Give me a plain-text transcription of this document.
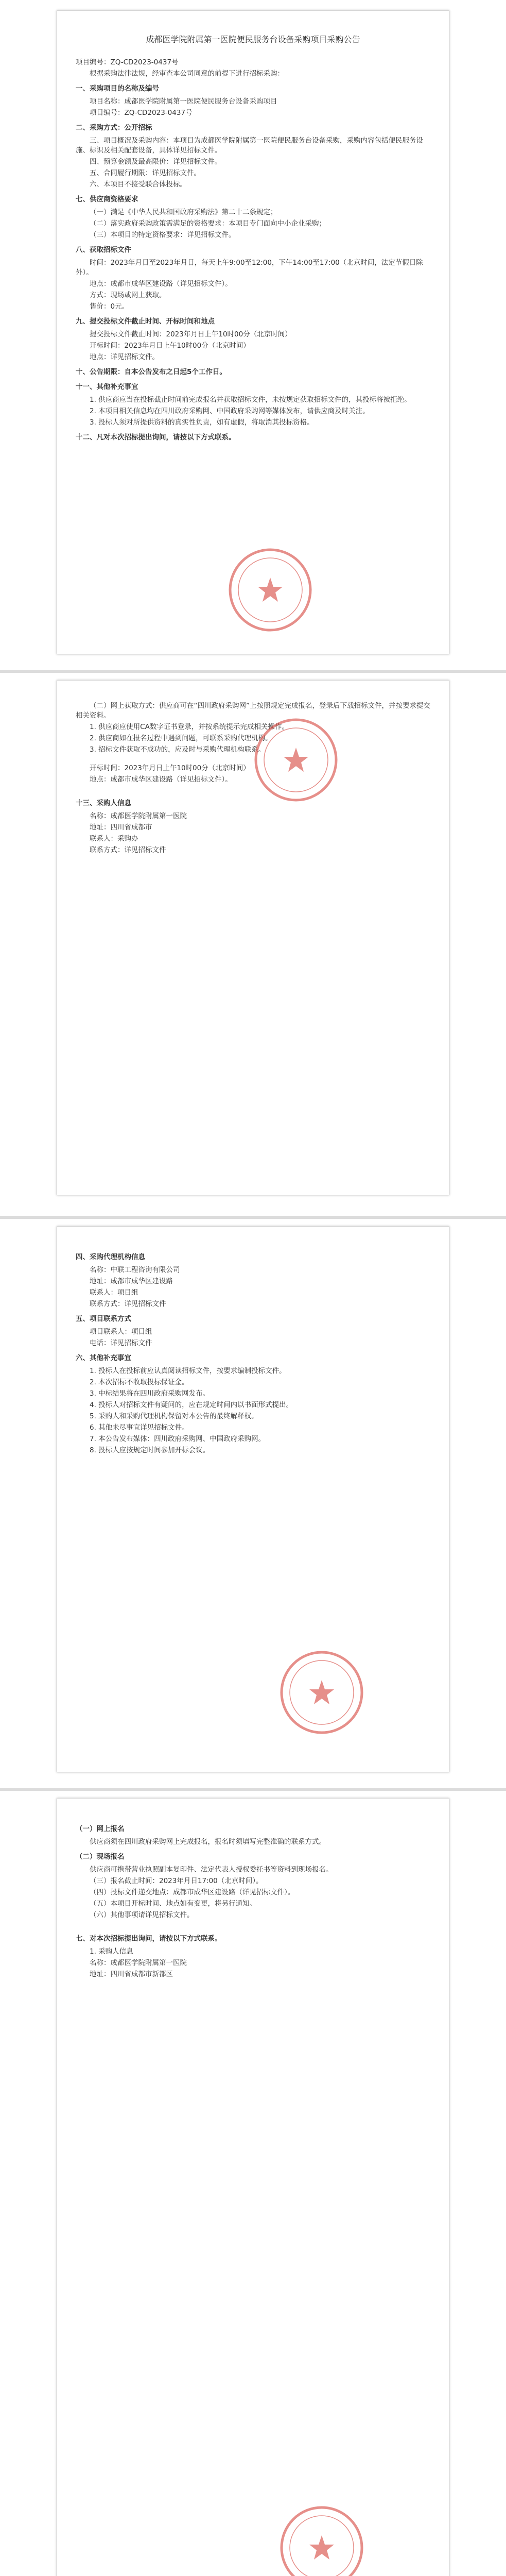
成都医学院附属第一医院便民服务台设备采购项目采购公告

项目编号：ZQ-CD2023-0437号

根据采购法律法规，经审查本公司同意的前提下进行招标采购：

一、采购项目的名称及编号

项目名称：成都医学院附属第一医院便民服务台设备采购项目

项目编号：ZQ-CD2023-0437号

二、采购方式：公开招标

三、项目概况及采购内容：本项目为成都医学院附属第一医院便民服务台设备采购，采购内容包括便民服务设施、标识及相关配套设备，具体详见招标文件。

四、预算金额及最高限价：详见招标文件。

五、合同履行期限：详见招标文件。

六、本项目不接受联合体投标。

七、供应商资格要求

（一）满足《中华人民共和国政府采购法》第二十二条规定；

（二）落实政府采购政策需满足的资格要求：本项目专门面向中小企业采购；

（三）本项目的特定资格要求：详见招标文件。

八、获取招标文件

时间：2023年月日至2023年月日，每天上午9:00至12:00，下午14:00至17:00（北京时间，法定节假日除外）。

地点：成都市成华区建设路（详见招标文件）。

方式：现场或网上获取。

售价：0元。

九、提交投标文件截止时间、开标时间和地点

提交投标文件截止时间：2023年月日上午10时00分（北京时间）

开标时间：2023年月日上午10时00分（北京时间）

地点：详见招标文件。

十、公告期限：自本公告发布之日起5个工作日。

十一、其他补充事宜

1. 供应商应当在投标截止时间前完成报名并获取招标文件，未按规定获取招标文件的，其投标将被拒绝。

2. 本项目相关信息均在四川政府采购网、中国政府采购网等媒体发布，请供应商及时关注。

3. 投标人须对所提供资料的真实性负责，如有虚假，将取消其投标资格。

十二、凡对本次招标提出询问，请按以下方式联系。

（二）网上获取方式：供应商可在“四川政府采购网”上按照规定完成报名，登录后下载招标文件，并按要求提交相关资料。

1. 供应商应使用CA数字证书登录，并按系统提示完成相关操作。

2. 供应商如在报名过程中遇到问题，可联系采购代理机构。

3. 招标文件获取不成功的，应及时与采购代理机构联系。

开标时间：2023年月日上午10时00分（北京时间）

地点：成都市成华区建设路（详见招标文件）。

十三、采购人信息

名称：成都医学院附属第一医院

地址：四川省成都市

联系人：采购办

联系方式：详见招标文件

四、采购代理机构信息

名称：中联工程咨询有限公司

地址：成都市成华区建设路

联系人：项目组

联系方式：详见招标文件

五、项目联系方式

项目联系人：项目组

电话：详见招标文件

六、其他补充事宜

1. 投标人在投标前应认真阅读招标文件，按要求编制投标文件。

2. 本次招标不收取投标保证金。

3. 中标结果将在四川政府采购网发布。

4. 投标人对招标文件有疑问的，应在规定时间内以书面形式提出。

5. 采购人和采购代理机构保留对本公告的最终解释权。

6. 其他未尽事宜详见招标文件。

7. 本公告发布媒体：四川政府采购网、中国政府采购网。

8. 投标人应按规定时间参加开标会议。

（一）网上报名

供应商须在四川政府采购网上完成报名，报名时须填写完整准确的联系方式。

（二）现场报名

供应商可携带营业执照副本复印件、法定代表人授权委托书等资料到现场报名。

（三）报名截止时间：2023年月日17:00（北京时间）。

（四）投标文件递交地点：成都市成华区建设路（详见招标文件）。

（五）本项目开标时间、地点如有变更，将另行通知。

（六）其他事项请详见招标文件。

七、对本次招标提出询问，请按以下方式联系。

1. 采购人信息

名称：成都医学院附属第一医院

地址：四川省成都市新都区
